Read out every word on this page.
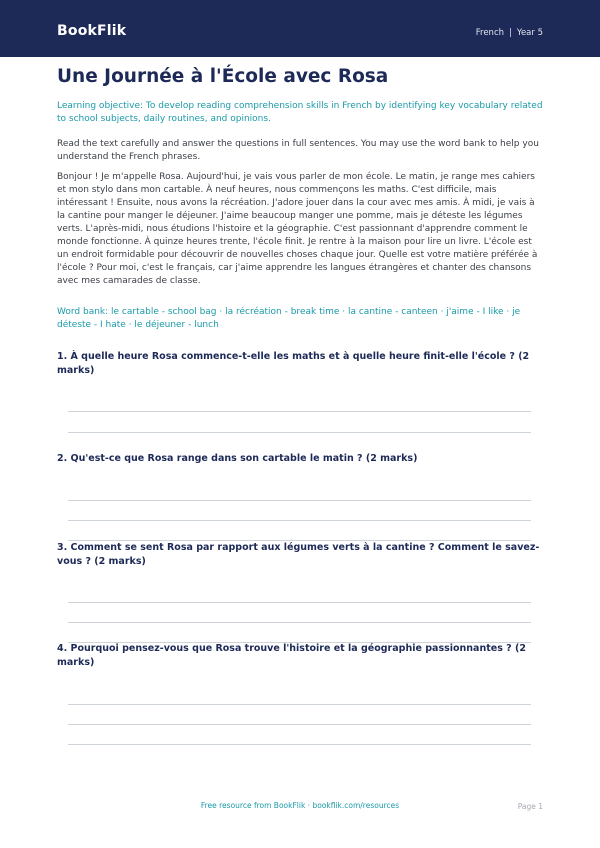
BookFlik	French | Year 5
Une Journée à l'École avec Rosa
Learning objective: To develop reading comprehension skills in French by identifying key vocabulary related to school subjects, daily routines, and opinions.
Read the text carefully and answer the questions in full sentences. You may use the word bank to help you understand the French phrases.
Bonjour ! Je m'appelle Rosa. Aujourd'hui, je vais vous parler de mon école. Le matin, je range mes cahiers et mon stylo dans mon cartable. À neuf heures, nous commençons les maths. C'est difficile, mais intéressant ! Ensuite, nous avons la récréation. J'adore jouer dans la cour avec mes amis. À midi, je vais à la cantine pour manger le déjeuner. J'aime beaucoup manger une pomme, mais je déteste les légumes verts. L'après-midi, nous étudions l'histoire et la géographie. C'est passionnant d'apprendre comment le monde fonctionne. À quinze heures trente, l'école finit. Je rentre à la maison pour lire un livre. L'école est un endroit formidable pour découvrir de nouvelles choses chaque jour. Quelle est votre matière préférée à l'école ? Pour moi, c'est le français, car j'aime apprendre les langues étrangères et chanter des chansons avec mes camarades de classe.
Word bank: le cartable - school bag · la récréation - break time · la cantine - canteen · j'aime - I like · je déteste - I hate · le déjeuner - lunch
1. À quelle heure Rosa commence-t-elle les maths et à quelle heure finit-elle l'école ? (2 marks)
2. Qu'est-ce que Rosa range dans son cartable le matin ? (2 marks)
3. Comment se sent Rosa par rapport aux légumes verts à la cantine ? Comment le savez-vous ? (2 marks)
4. Pourquoi pensez-vous que Rosa trouve l'histoire et la géographie passionnantes ? (2 marks)
Free resource from BookFlik · bookflik.com/resources	Page 1
